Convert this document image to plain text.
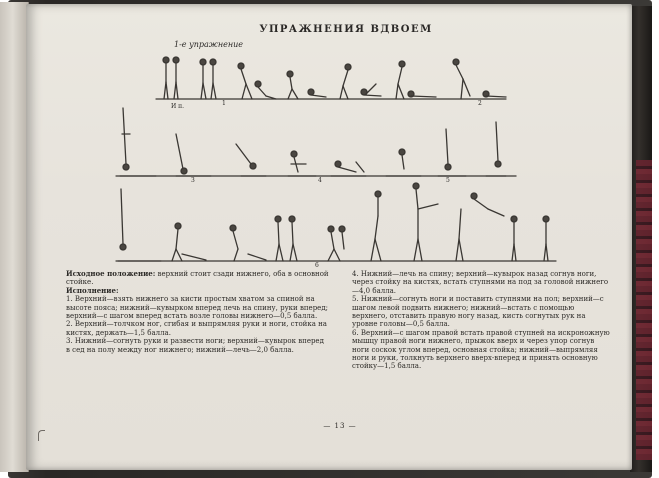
УПРАЖНЕНИЯ ВДВОЕМ
1-е упражнение
И п.	1	2
3	4	5
6

Исходное положение: верхний стоит сзади нижнего, оба в основной стойке.

Исполнение:

1. Верхний—взять нижнего за кисти простым хватом за спиной на высоте пояса; нижний—кувырком вперед лечь на спину, руки вперед; верхний—с шагом вперед встать возле головы нижнего—0,5 балла.

2. Верхний—толчком ног, сгибая и выпрямляя руки и ноги, стойка на кистях, держать—1,5 балла.

3. Нижний—согнуть руки и развести ноги; верхний—кувырок вперед в сед на полу между ног нижнего; нижний—лечь—2,0 балла.

4. Нижний—лечь на спину; верхний—кувырок назад согнув ноги, через стойку на кистях, встать ступнями на под за головой нижнего—4,0 балла.

5. Нижний—согнуть ноги и поставить ступнями на пол; верхний—с шагом левой подвить нижнего; нижний—встать с помощью верхнего, отставить правую ногу назад, кисть согнутых рук на уровне головы—0,5 балла.

6. Верхний—с шагом правой встать правой ступней на искроножную мышцу правой ноги нижнего, прыжок вверх и через упор согнув ноги соскок углом вперед, основная стойка; нижний—выпрямляя ноги и руки, толкнуть верхнего вверх-вперед и принять основную стойку—1,5 балла.

— 13 —
